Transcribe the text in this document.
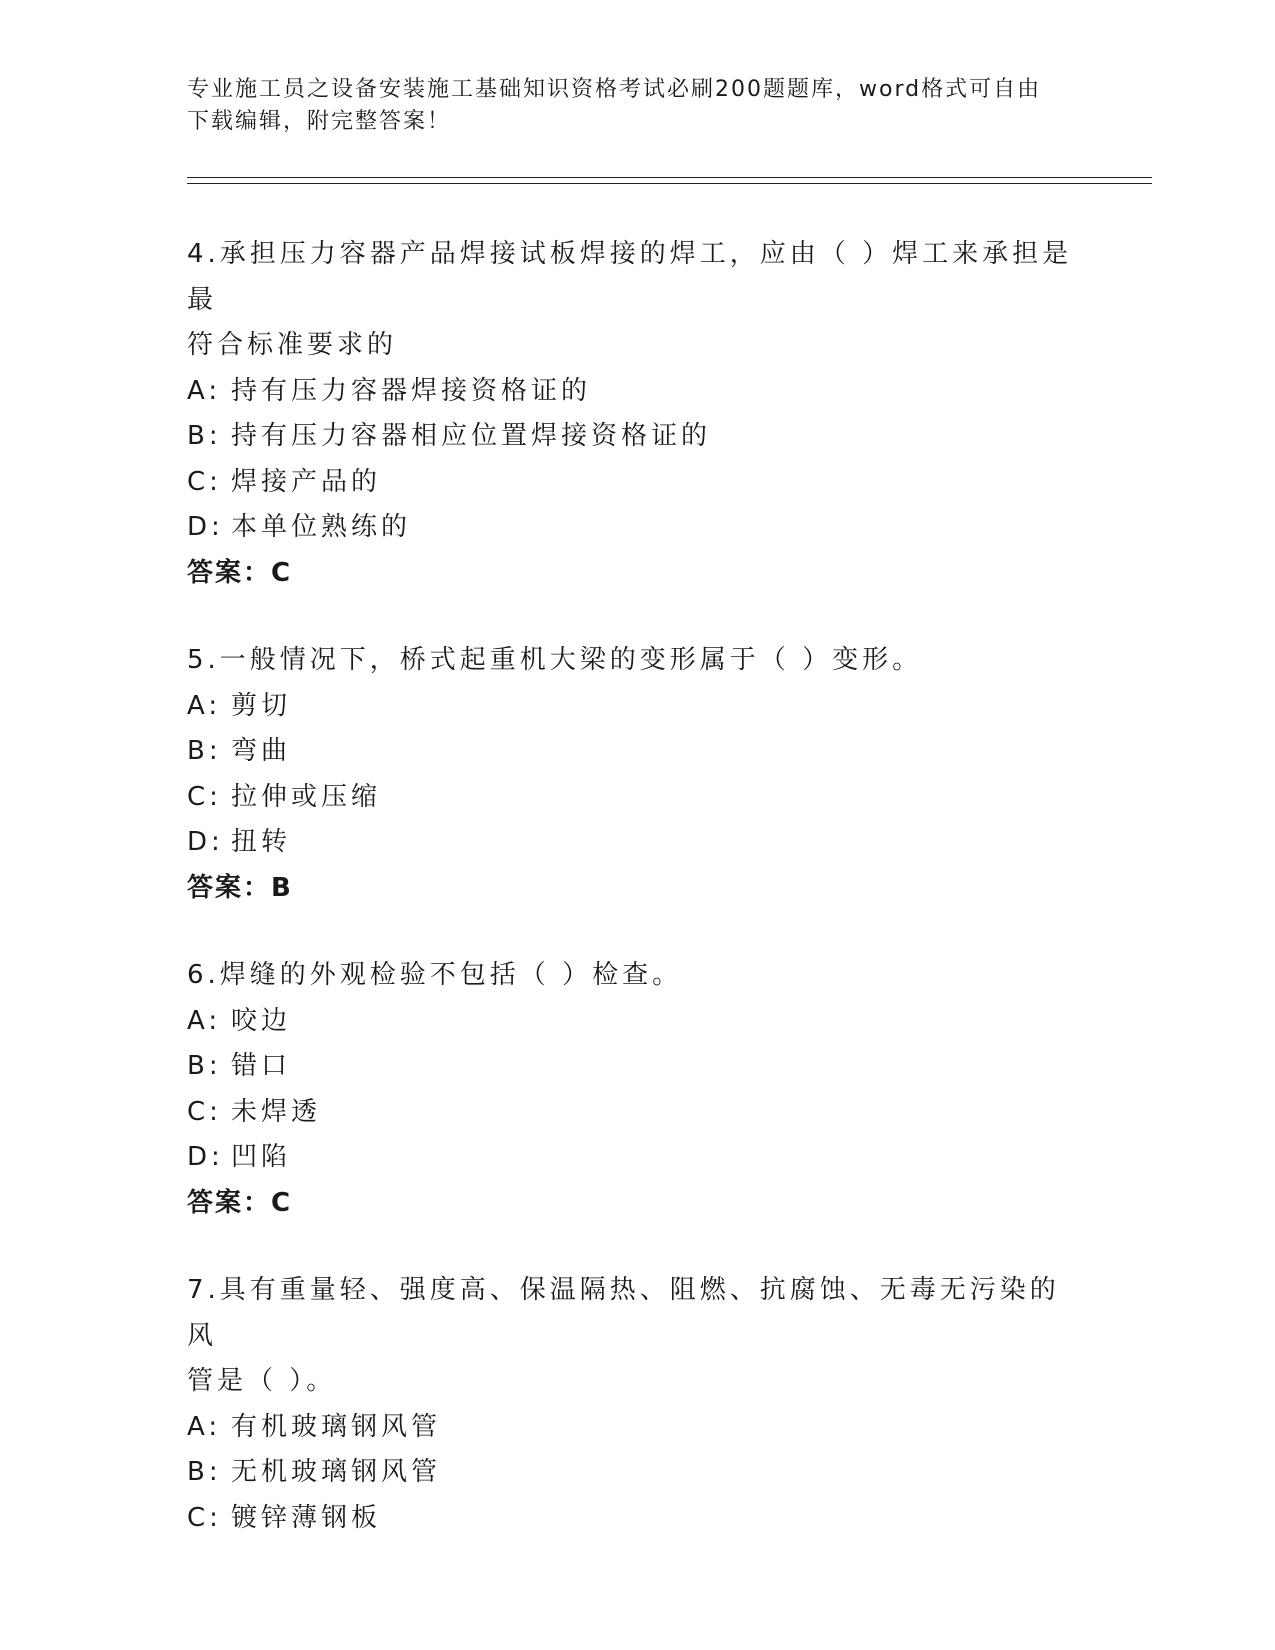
专业施工员之设备安装施工基础知识资格考试必刷200题题库，word格式可自由
下载编辑，附完整答案！
4.承担压力容器产品焊接试板焊接的焊工，应由（ ）焊工来承担是最
符合标准要求的
A: 持有压力容器焊接资格证的
B: 持有压力容器相应位置焊接资格证的
C: 焊接产品的
D: 本单位熟练的
答案：C
5.一般情况下，桥式起重机大梁的变形属于（ ）变形。
A: 剪切
B: 弯曲
C: 拉伸或压缩
D: 扭转
答案：B
6.焊缝的外观检验不包括（ ）检查。
A: 咬边
B: 错口
C: 未焊透
D: 凹陷
答案：C
7.具有重量轻、强度高、保温隔热、阻燃、抗腐蚀、无毒无污染的风
管是（ ）。
A: 有机玻璃钢风管
B: 无机玻璃钢风管
C: 镀锌薄钢板
